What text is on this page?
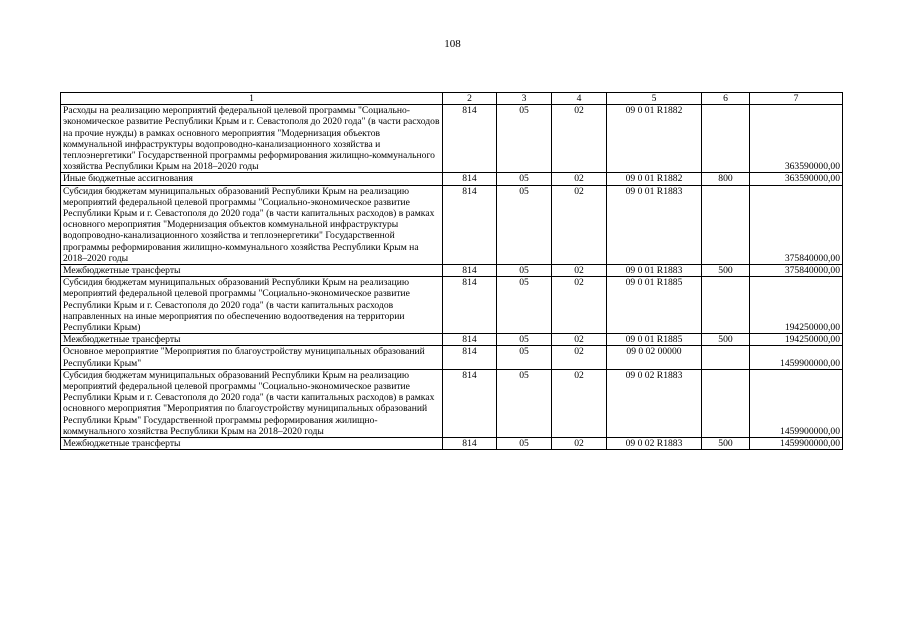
108
1	2	3	4	5	6	7
Расходы на реализацию мероприятий федеральной целевой программы "Социально-экономическое развитие Республики Крым и г. Севастополя до 2020 года" (в части расходов на прочие нужды) в рамках основного мероприятия "Модернизация объектов коммунальной инфраструктуры водопроводно-канализационного хозяйства и теплоэнергетики" Государственной программы реформирования жилищно-коммунального хозяйства Республики Крым на 2018–2020 годы	814	05	02	09 0 01 R1882		363590000,00
Иные бюджетные ассигнования	814	05	02	09 0 01 R1882	800	363590000,00
Субсидия бюджетам муниципальных образований Республики Крым на реализацию мероприятий федеральной целевой программы "Социально-экономическое развитие Республики Крым и г. Севастополя до 2020 года" (в части капитальных расходов) в рамках основного мероприятия "Модернизация объектов коммунальной инфраструктуры водопроводно-канализационного хозяйства и теплоэнергетики" Государственной программы реформирования жилищно-коммунального хозяйства Республики Крым на 2018–2020 годы	814	05	02	09 0 01 R1883		375840000,00
Межбюджетные трансферты	814	05	02	09 0 01 R1883	500	375840000,00
Субсидия бюджетам муниципальных образований Республики Крым на реализацию мероприятий федеральной целевой программы "Социально-экономическое развитие Республики Крым и г. Севастополя до 2020 года" (в части капитальных расходов направленных на иные мероприятия по обеспечению водоотведения на территории Республики Крым)	814	05	02	09 0 01 R1885		194250000,00
Межбюджетные трансферты	814	05	02	09 0 01 R1885	500	194250000,00
Основное мероприятие "Мероприятия по благоустройству муниципальных образований Республики Крым"	814	05	02	09 0 02 00000		1459900000,00
Субсидия бюджетам муниципальных образований Республики Крым на реализацию мероприятий федеральной целевой программы "Социально-экономическое развитие Республики Крым и г. Севастополя до 2020 года" (в части капитальных расходов) в рамках основного мероприятия "Мероприятия по благоустройству муниципальных образований Республики Крым" Государственной программы реформирования жилищно-коммунального хозяйства Республики Крым на 2018–2020 годы	814	05	02	09 0 02 R1883		1459900000,00
Межбюджетные трансферты	814	05	02	09 0 02 R1883	500	1459900000,00
